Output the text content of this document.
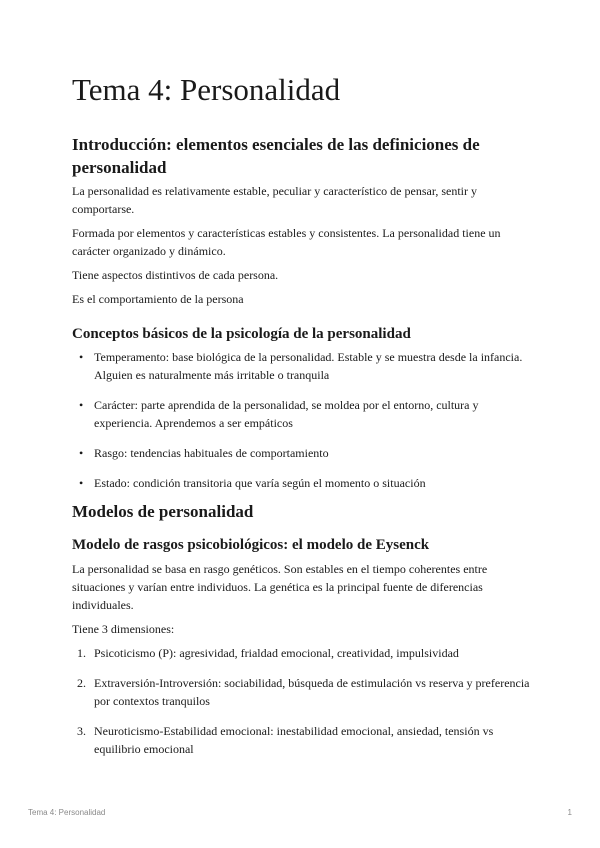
Tema 4: Personalidad
Introducción: elementos esenciales de las definiciones de personalidad

La personalidad es relativamente estable, peculiar y característico de pensar, sentir y comportarse.

Formada por elementos y características estables y consistentes. La personalidad tiene un carácter organizado y dinámico.

Tiene aspectos distintivos de cada persona.

Es el comportamiento de la persona

Conceptos básicos de la psicología de la personalidad
• Temperamento: base biológica de la personalidad. Estable y se muestra desde la infancia. Alguien es naturalmente más irritable o tranquila
• Carácter: parte aprendida de la personalidad, se moldea por el entorno, cultura y experiencia. Aprendemos a ser empáticos
• Rasgo: tendencias habituales de comportamiento
• Estado: condición transitoria que varía según el momento o situación
Modelos de personalidad
Modelo de rasgos psicobiológicos: el modelo de Eysenck

La personalidad se basa en rasgo genéticos. Son estables en el tiempo coherentes entre situaciones y varían entre individuos. La genética es la principal fuente de diferencias individuales.

Tiene 3 dimensiones:

1. Psicoticismo (P): agresividad, frialdad emocional, creatividad, impulsividad
2. Extraversión-Introversión: sociabilidad, búsqueda de estimulación vs reserva y preferencia por contextos tranquilos
3. Neuroticismo-Estabilidad emocional: inestabilidad emocional, ansiedad, tensión vs equilibrio emocional
Tema 4: Personalidad	1
